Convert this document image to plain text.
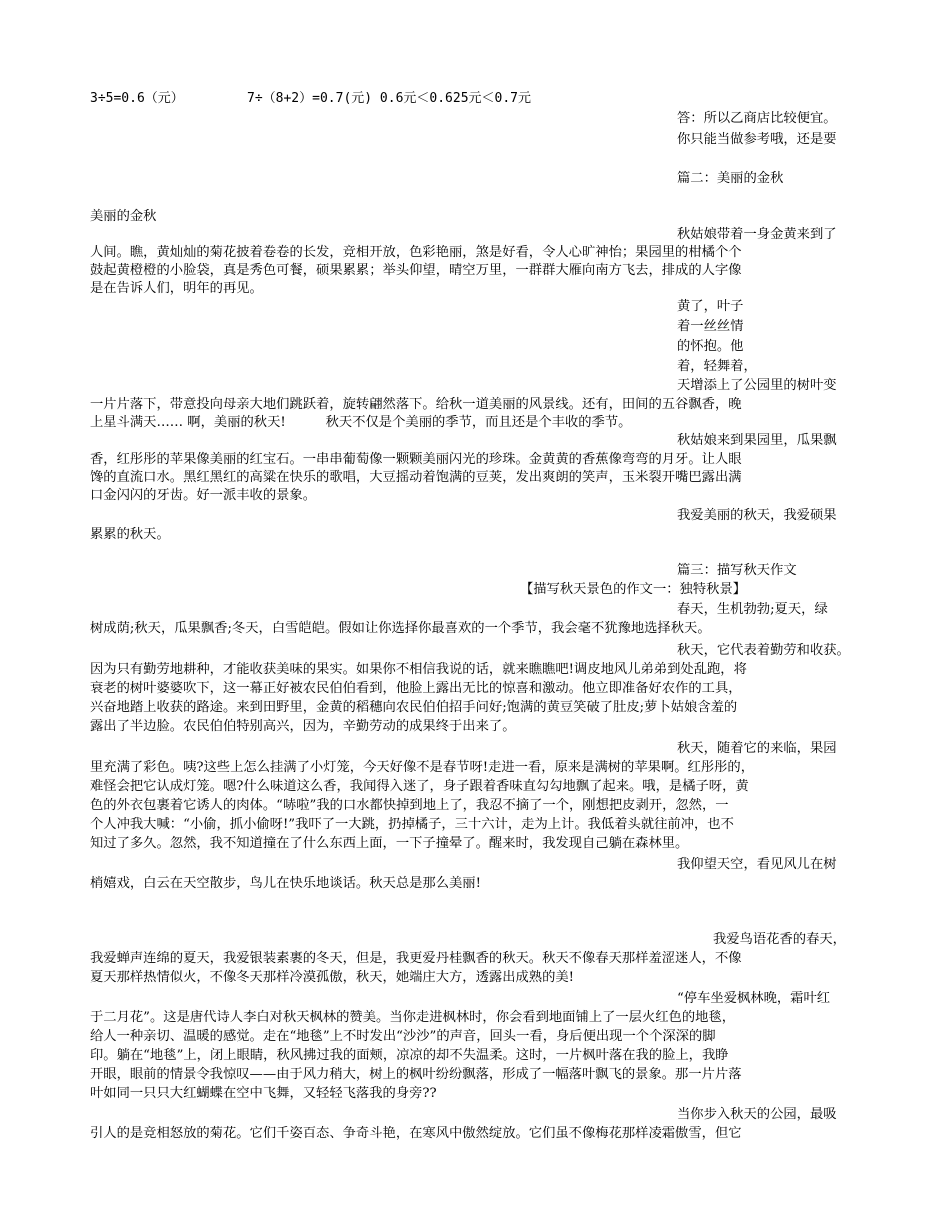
3÷5=0.6（元）	7÷（8+2）=0.7(元) 0.6元＜0.625元＜0.7元
答：所以乙商店比较便宜。
你只能当做参考哦，还是要
篇二：美丽的金秋
美丽的金秋
秋姑娘带着一身金黄来到了
人间。瞧，黄灿灿的菊花披着卷卷的长发，竞相开放，色彩艳丽，煞是好看，令人心旷神怡；果园里的柑橘个个
鼓起黄橙橙的小脸袋，真是秀色可餐，硕果累累；举头仰望，晴空万里，一群群大雁向南方飞去，排成的人字像
是在告诉人们，明年的再见。
黄了，叶子
着一丝丝情
的怀抱。他
着，轻舞着，
天增添上了公园里的树叶变
一片片落下，带意投向母亲大地们跳跃着，旋转翩然落下。给秋一道美丽的风景线。还有，田间的五谷飘香，晚
上星斗满天…… 啊，美丽的秋天!　　　秋天不仅是个美丽的季节，而且还是个丰收的季节。
秋姑娘来到果园里，瓜果飘
香，红彤彤的苹果像美丽的红宝石。一串串葡萄像一颗颗美丽闪光的珍珠。金黄黄的香蕉像弯弯的月牙。让人眼
馋的直流口水。黑红黑红的高粱在快乐的歌唱，大豆摇动着饱满的豆荚，发出爽朗的笑声，玉米裂开嘴巴露出满
口金闪闪的牙齿。好一派丰收的景象。
我爱美丽的秋天，我爱硕果
累累的秋天。
篇三：描写秋天作文
【描写秋天景色的作文一：独特秋景】
春天，生机勃勃;夏天，绿
树成荫;秋天，瓜果飘香;冬天，白雪皑皑。假如让你选择你最喜欢的一个季节，我会毫不犹豫地选择秋天。
秋天，它代表着勤劳和收获。
因为只有勤劳地耕种，才能收获美味的果实。如果你不相信我说的话，就来瞧瞧吧!调皮地风儿弟弟到处乱跑，将
衰老的树叶婆婆吹下，这一幕正好被农民伯伯看到，他脸上露出无比的惊喜和激动。他立即准备好农作的工具，
兴奋地踏上收获的路途。来到田野里，金黄的稻穗向农民伯伯招手问好;饱满的黄豆笑破了肚皮;萝卜姑娘含羞的
露出了半边脸。农民伯伯特别高兴，因为，辛勤劳动的成果终于出来了。
秋天，随着它的来临，果园
里充满了彩色。咦?这些上怎么挂满了小灯笼，今天好像不是春节呀!走进一看，原来是满树的苹果啊。红彤彤的，
难怪会把它认成灯笼。嗯?什么味道这么香，我闻得入迷了，身子跟着香味直勾勾地飘了起来。哦，是橘子呀，黄
色的外衣包裹着它诱人的肉体。“哧啦”我的口水都快掉到地上了，我忍不摘了一个，刚想把皮剥开，忽然，一
个人冲我大喊：“小偷，抓小偷呀!”我吓了一大跳，扔掉橘子，三十六计，走为上计。我低着头就往前冲，也不
知过了多久。忽然，我不知道撞在了什么东西上面，一下子撞晕了。醒来时，我发现自己躺在森林里。
我仰望天空，看见风儿在树
梢嬉戏，白云在天空散步，鸟儿在快乐地谈话。秋天总是那么美丽!
我爱鸟语花香的春天，
我爱蝉声连绵的夏天，我爱银装素裹的冬天，但是，我更爱丹桂飘香的秋天。秋天不像春天那样羞涩迷人，不像
夏天那样热情似火，不像冬天那样冷漠孤傲，秋天，她端庄大方，透露出成熟的美!
“停车坐爱枫林晚，霜叶红
于二月花”。这是唐代诗人李白对秋天枫林的赞美。当你走进枫林时，你会看到地面铺上了一层火红色的地毯，
给人一种亲切、温暖的感觉。走在“地毯”上不时发出“沙沙”的声音，回头一看，身后便出现一个个深深的脚
印。躺在“地毯”上，闭上眼睛，秋风拂过我的面颊，凉凉的却不失温柔。这时，一片枫叶落在我的脸上，我睁
开眼，眼前的情景令我惊叹——由于风力稍大，树上的枫叶纷纷飘落，形成了一幅落叶飘飞的景象。那一片片落
叶如同一只只大红蝴蝶在空中飞舞，又轻轻飞落我的身旁??
当你步入秋天的公园，最吸
引人的是竞相怒放的菊花。它们千姿百态、争奇斗艳，在寒风中傲然绽放。它们虽不像梅花那样凌霜傲雪，但它
